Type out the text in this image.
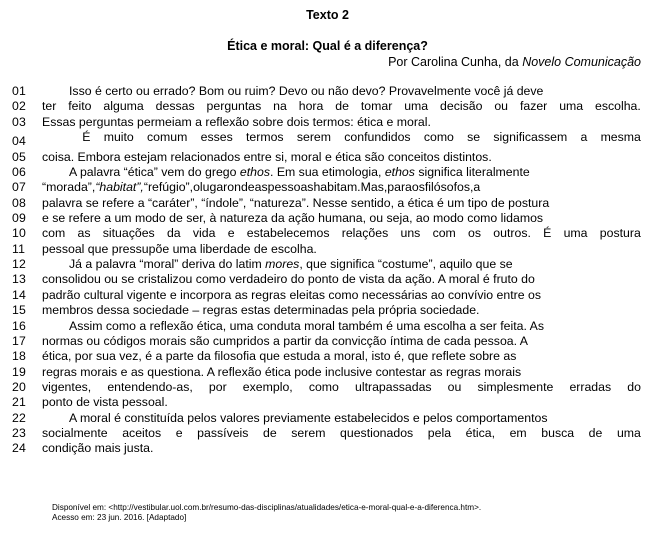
Texto 2
Ética e moral: Qual é a diferença?
Por Carolina Cunha, da Novelo Comunicação
01	Isso é certo ou errado? Bom ou ruim? Devo ou não devo? Provavelmente você já deve
02	ter feito alguma dessas perguntas na hora de tomar uma decisão ou fazer uma escolha.
03	Essas perguntas permeiam a reflexão sobre dois termos: ética e moral.
04	É muito comum esses termos serem confundidos como se significassem a mesma
05	coisa. Embora estejam relacionados entre si, moral e ética são conceitos distintos.
06	A palavra “ética” vem do grego ethos. Em sua etimologia, ethos significa literalmente
07	“morada”,“habitat”,“refúgio”,olugarondeaspessoashabitam.Mas,paraosfilósofos,a
08	palavra se refere a “caráter”, “índole”, “natureza”. Nesse sentido, a ética é um tipo de postura
09	e se refere a um modo de ser, à natureza da ação humana, ou seja, ao modo como lidamos
10	com as situações da vida e estabelecemos relações uns com os outros. É uma postura
11	pessoal que pressupõe uma liberdade de escolha.
12	Já a palavra “moral” deriva do latim mores, que significa “costume”, aquilo que se
13	consolidou ou se cristalizou como verdadeiro do ponto de vista da ação. A moral é fruto do
14	padrão cultural vigente e incorpora as regras eleitas como necessárias ao convívio entre os
15	membros dessa sociedade – regras estas determinadas pela própria sociedade.
16	Assim como a reflexão ética, uma conduta moral também é uma escolha a ser feita. As
17	normas ou códigos morais são cumpridos a partir da convicção íntima de cada pessoa. A
18	ética, por sua vez, é a parte da filosofia que estuda a moral, isto é, que reflete sobre as
19	regras morais e as questiona. A reflexão ética pode inclusive contestar as regras morais
20	vigentes, entendendo-as, por exemplo, como ultrapassadas ou simplesmente erradas do
21	ponto de vista pessoal.
22	A moral é constituída pelos valores previamente estabelecidos e pelos comportamentos
23	socialmente aceitos e passíveis de serem questionados pela ética, em busca de uma
24	condição mais justa.
Disponível em: <http://vestibular.uol.com.br/resumo-das-disciplinas/atualidades/etica-e-moral-qual-e-a-diferenca.htm>.
Acesso em: 23 jun. 2016. [Adaptado]
